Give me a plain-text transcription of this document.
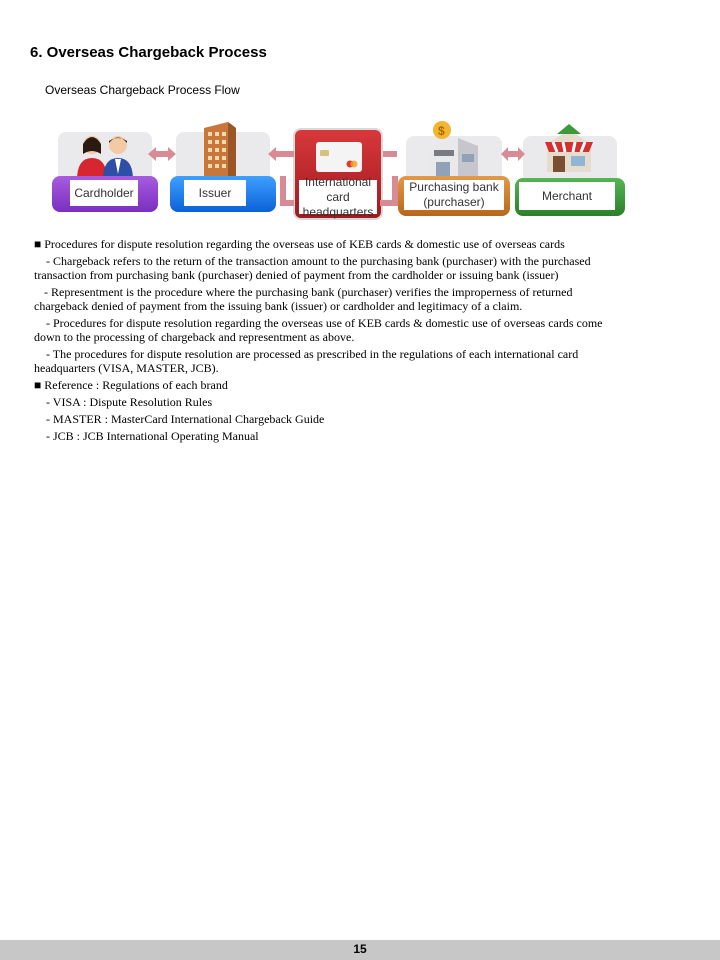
6. Overseas Chargeback Process
Overseas Chargeback Process Flow
Cardholder	Issuer
International
card headquarters
$
Purchasing bank
(purchaser)	Merchant

■ Procedures for dispute resolution regarding the overseas use of KEB cards & domestic use of overseas cards

- Chargeback refers to the return of the transaction amount to the purchasing bank (purchaser) with the purchased

transaction from purchasing bank (purchaser) denied of payment from the cardholder or issuing bank (issuer)

- Representment is the procedure where the purchasing bank (purchaser) verifies the improperness of returned

chargeback denied of payment from the issuing bank (issuer) or cardholder and legitimacy of a claim.

- Procedures for dispute resolution regarding the overseas use of KEB cards & domestic use of overseas cards come

down to the processing of chargeback and representment as above.

- The procedures for dispute resolution are processed as prescribed in the regulations of each international card

headquarters (VISA, MASTER, JCB).

■ Reference : Regulations of each brand

- VISA : Dispute Resolution Rules

- MASTER : MasterCard International Chargeback Guide

- JCB : JCB International Operating Manual

15
